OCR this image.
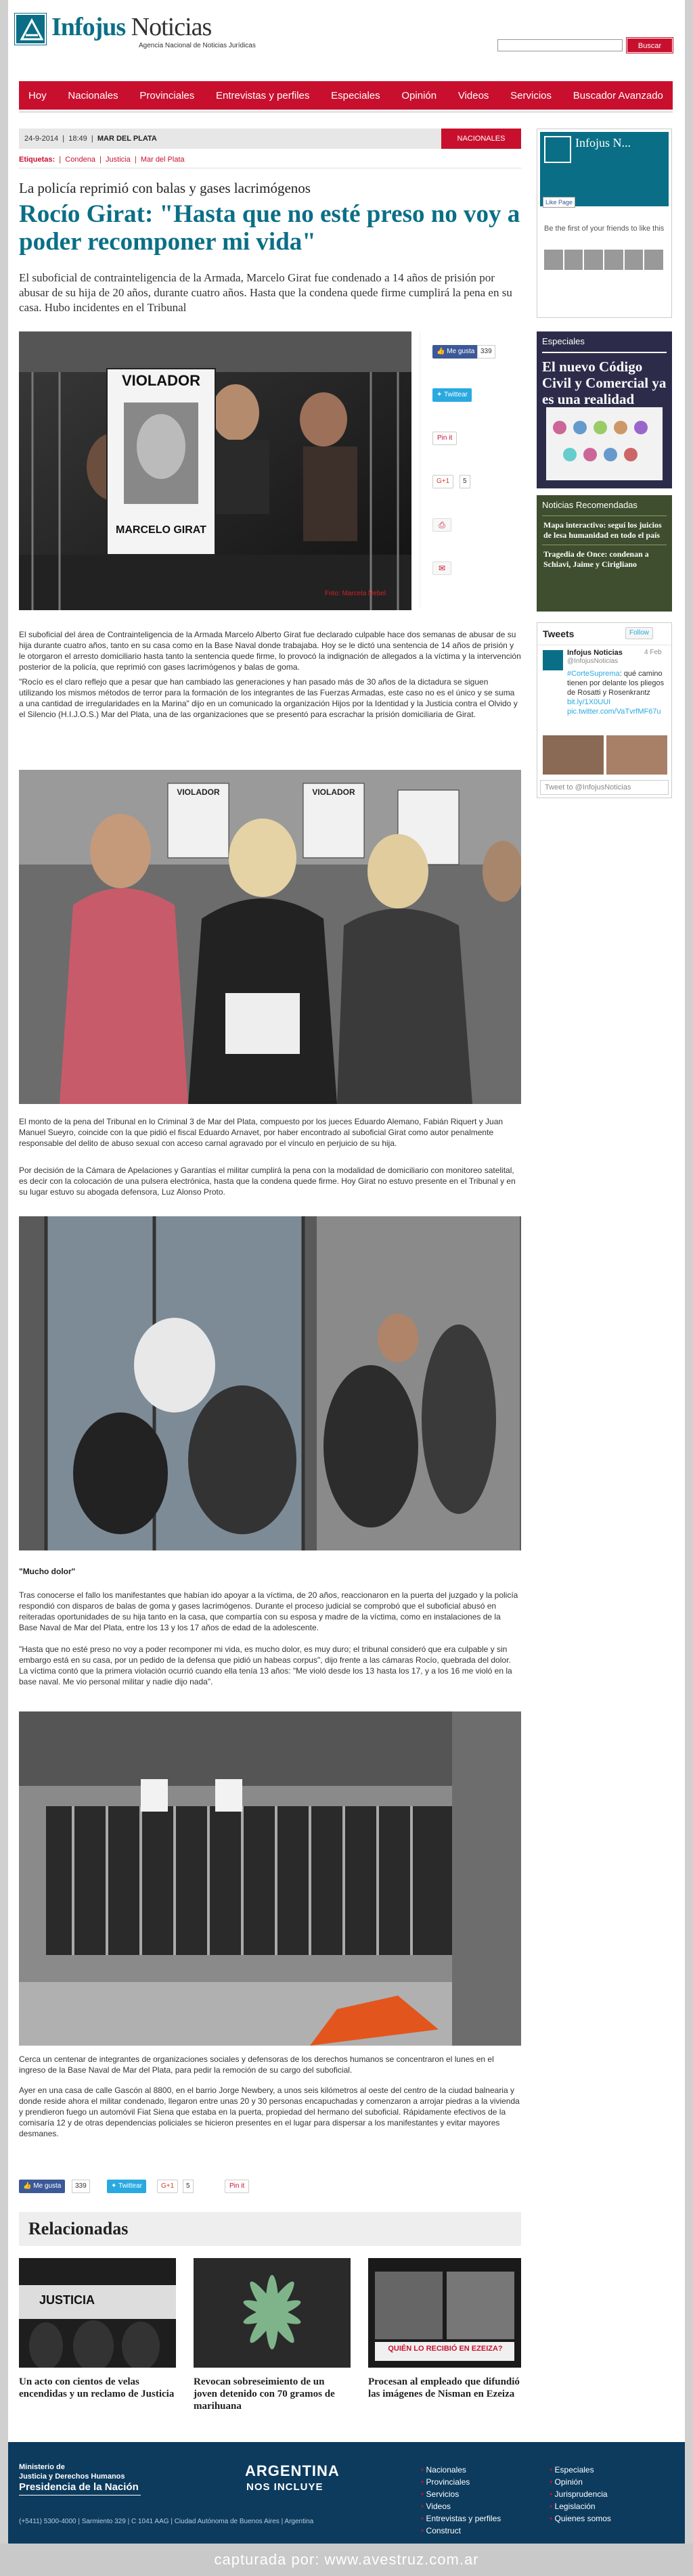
Infojus Noticias
Agencia Nacional de Noticias Jurídicas	Buscar
Hoy Nacionales Provinciales Entrevistas y perfiles Especiales Opinión Videos Servicios Buscador Avanzado
24-9-2014  |  18:49  |  MAR DEL PLATA	NACIONALES
Etiquetas:  |  Condena  |  Justicia  |  Mar del Plata
La policía reprimió con balas y gases lacrimógenos
Rocío Girat: "Hasta que no esté preso no voy a poder recomponer mi vida"
El suboficial de contrainteligencia de la Armada, Marcelo Girat fue condenado a 14 años de prisión por abusar de su hija de 20 años, durante cuatro años. Hasta que la condena quede firme cumplirá la pena en su casa. Hubo incidentes en el Tribunal
VIOLADOR
MARCELO GIRAT
Foto: Marcela Nebel
👍 Me gusta 339
✦ Twittear
Pin it
G+1	5
⎙
✉
El suboficial del área de Contrainteligencia de la Armada Marcelo Alberto Girat fue declarado culpable hace dos semanas de abusar de su hija durante cuatro años, tanto en su casa como en la Base Naval donde trabajaba. Hoy se le dictó una sentencia de 14 años de prisión y le otorgaron el arresto domiciliario hasta tanto la sentencia quede firme, lo provocó la indignación de allegados a la víctima y la intervención posterior de la policía, que reprimió con gases lacrimógenos y balas de goma.
"Rocío es el claro reflejo que a pesar que han cambiado las generaciones y han pasado más de 30 años de la dictadura se siguen utilizando los mismos métodos de terror para la formación de los integrantes de las Fuerzas Armadas, este caso no es el único y se suma a una cantidad de irregularidades en la Marina" dijo en un comunicado la organización Hijos por la Identidad y la Justicia contra el Olvido y el Silencio (H.I.J.O.S.) Mar del Plata, una de las organizaciones que se presentó para escrachar la prisión domiciliaria de Girat.
VIOLADOR	VIOLADOR
El monto de la pena del Tribunal en lo Criminal 3 de Mar del Plata, compuesto por los jueces Eduardo Alemano, Fabián Riquert y Juan Manuel Sueyro, coincide con la que pidió el fiscal Eduardo Arnavet, por haber encontrado al suboficial Girat como autor penalmente responsable del delito de abuso sexual con acceso carnal agravado por el vínculo en perjuicio de su hija.
Por decisión de la Cámara de Apelaciones y Garantías el militar cumplirá la pena con la modalidad de domiciliario con monitoreo satelital, es decir con la colocación de una pulsera electrónica, hasta que la condena quede firme. Hoy Girat no estuvo presente en el Tribunal y en su lugar estuvo su abogada defensora, Luz Alonso Proto.
"Mucho dolor"
Tras conocerse el fallo los manifestantes que habían ido apoyar a la víctima, de 20 años, reaccionaron en la puerta del juzgado y la policía respondió con disparos de balas de goma y gases lacrimógenos. Durante el proceso judicial se comprobó que el suboficial abusó en reiteradas oportunidades de su hija tanto en la casa, que compartía con su esposa y madre de la víctima, como en instalaciones de la Base Naval de Mar del Plata, entre los 13 y los 17 años de edad de la adolescente.
"Hasta que no esté preso no voy a poder recomponer mi vida, es mucho dolor, es muy duro; el tribunal consideró que era culpable y sin embargo está en su casa, por un pedido de la defensa que pidió un habeas corpus", dijo frente a las cámaras Rocío, quebrada del dolor. La víctima contó que la primera violación ocurrió cuando ella tenía 13 años: "Me violó desde los 13 hasta los 17, y a los 16 me violó en la base naval. Me vio personal militar y nadie dijo nada".
Cerca un centenar de integrantes de organizaciones sociales y defensoras de los derechos humanos se concentraron el lunes en el ingreso de la Base Naval de Mar del Plata, para pedir la remoción de su cargo del suboficial.
Ayer en una casa de calle Gascón al 8800, en el barrio Jorge Newbery, a unos seis kilómetros al oeste del centro de la ciudad balnearia y donde reside ahora el militar condenado, llegaron entre unas 20 y 30 personas encapuchadas y comenzaron a arrojar piedras a la vivienda y prendieron fuego un automóvil Fiat Siena que estaba en la puerta, propiedad del hermano del suboficial. Rápidamente efectivos de la comisaría 12 y de otras dependencias policiales se hicieron presentes en el lugar para dispersar a los manifestantes y evitar mayores desmanes.
👍 Me gusta	339	✦ Twittear	G+1	5	Pin it
Relacionadas
JUSTICIA
QUIÉN LO RECIBIÓ EN EZEIZA?
Un acto con cientos de velas encendidas y un reclamo de Justicia
Revocan sobreseimiento de un joven detenido con 70 gramos de marihuana
Procesan al empleado que difundió las imágenes de Nisman en Ezeiza
Infojus N...
Like Page
Be the first of your friends to like this
Especiales
El nuevo Código Civil y Comercial ya es una realidad
Noticias Recomendadas
Mapa interactivo: seguí los juicios de lesa humanidad en todo el país
Tragedia de Once: condenan a Schiavi, Jaime y Cirigliano
Tweets	Follow
Infojus Noticias
@InfojusNoticias
4 Feb
#CorteSuprema: qué camino tienen por delante los pliegos de Rosatti y Rosenkrantz bit.ly/1X0UUI pic.twitter.com/VaTvrfMF67u
Tweet to @InfojusNoticias
Ministerio de
Justicia y Derechos Humanos
Presidencia de la Nación
(+5411) 5300-4000 | Sarmiento 329 | C 1041 AAG | Ciudad Autónoma de Buenos Aires | Argentina
ARGENTINA
NOS INCLUYE
• Nacionales
• Provinciales
• Servicios
• Videos
• Entrevistas y perfiles
• Construct
• Especiales
• Opinión
• Jurisprudencia
• Legislación
• Quienes somos
capturada por: www.avestruz.com.ar
